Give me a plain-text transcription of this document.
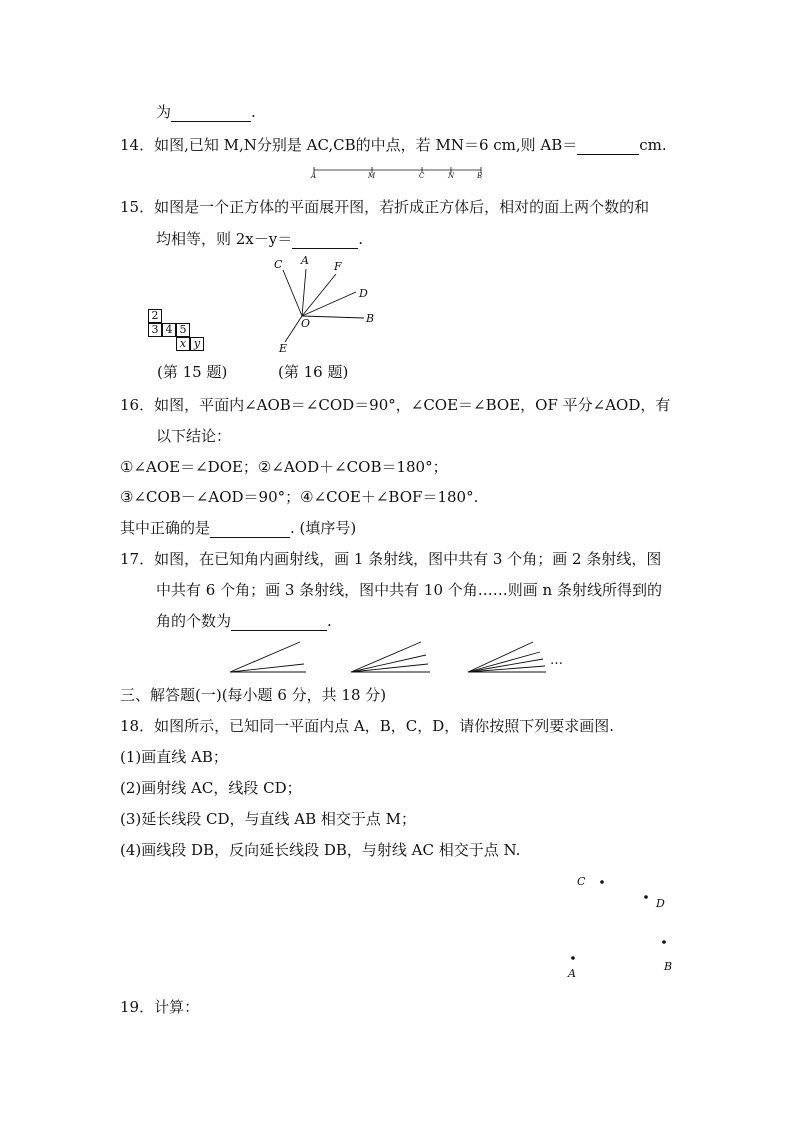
为	.
14．如图,已知 M,N分别是 AC,CB的中点，若 MN＝6 cm,则 AB＝	cm.
A	M	C	N	B
15．如图是一个正方体的平面展开图，若折成正方体后，相对的面上两个数的和
均相等，则 2x－y＝	.
2
3 4 5
x y
C A F
D
B
O
E
(第 15 题)	(第 16 题)
16．如图，平面内∠AOB＝∠COD＝90°，∠COE＝∠BOE，OF 平分∠AOD，有
以下结论：
①∠AOE＝∠DOE；②∠AOD＋∠COB＝180°；
③∠COB－∠AOD＝90°；④∠COE＋∠BOF＝180°.
其中正确的是	. (填序号)
17．如图，在已知角内画射线，画 1 条射线，图中共有 3 个角；画 2 条射线，图
中共有 6 个角；画 3 条射线，图中共有 10 个角……则画 n 条射线所得到的
角的个数为	.
…
三、解答题(一)(每小题 6 分，共 18 分)
18．如图所示，已知同一平面内点 A，B，C，D，请你按照下列要求画图.
(1)画直线 AB；
(2)画射线 AC，线段 CD；
(3)延长线段 CD，与直线 AB 相交于点 M；
(4)画线段 DB，反向延长线段 DB，与射线 AC 相交于点 N.
C
D
A
B
19．计算：
